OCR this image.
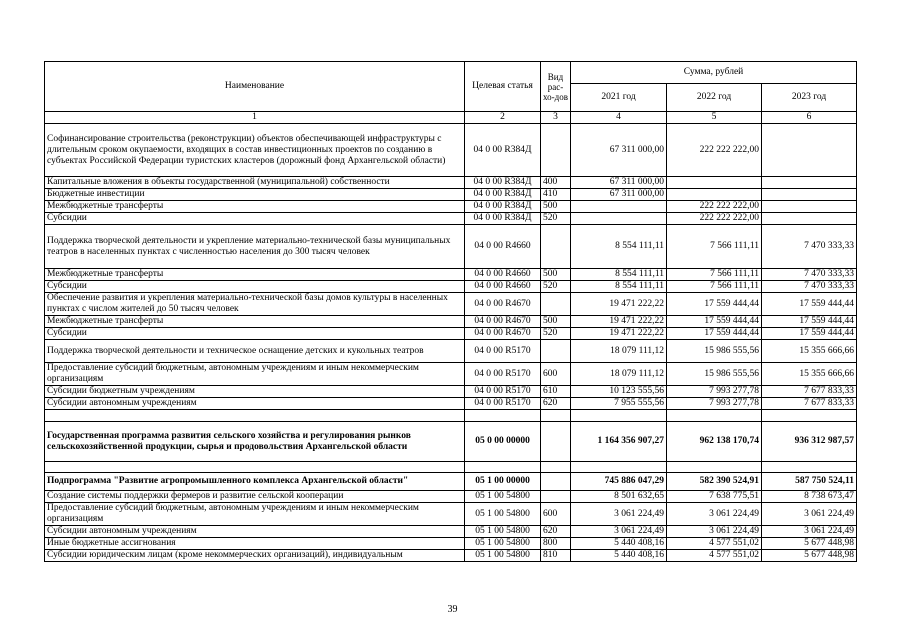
Наименование	Целевая статья	Вид рас-хо-дов	Сумма, рублей		
			2021 год	2022 год	2023 год
1	2	3	4	5	6
Софинансирование строительства (реконструкции) объектов обеспечивающей инфраструктуры с длительным сроком окупаемости, входящих в состав инвестиционных проектов по созданию в субъектах Российской Федерации туристских кластеров (дорожный фонд Архангельской области)	04 0 00 R384Д		67 311 000,00	222 222 222,00	
Капитальные вложения в объекты государственной (муниципальной) собственности	04 0 00 R384Д	400	67 311 000,00		
Бюджетные инвестиции	04 0 00 R384Д	410	67 311 000,00		
Межбюджетные трансферты	04 0 00 R384Д	500		222 222 222,00	
Субсидии	04 0 00 R384Д	520		222 222 222,00	
Поддержка творческой деятельности и укрепление материально-технической базы муниципальных театров в населенных пунктах с численностью населения до 300 тысяч человек	04 0 00 R4660		8 554 111,11	7 566 111,11	7 470 333,33
Межбюджетные трансферты	04 0 00 R4660	500	8 554 111,11	7 566 111,11	7 470 333,33
Субсидии	04 0 00 R4660	520	8 554 111,11	7 566 111,11	7 470 333,33
Обеспечение развития и укрепления материально-технической базы домов культуры в населенных пунктах с числом жителей до 50 тысяч человек	04 0 00 R4670		19 471 222,22	17 559 444,44	17 559 444,44
Межбюджетные трансферты	04 0 00 R4670	500	19 471 222,22	17 559 444,44	17 559 444,44
Субсидии	04 0 00 R4670	520	19 471 222,22	17 559 444,44	17 559 444,44
Поддержка творческой деятельности и техническое оснащение детских и кукольных театров	04 0 00 R5170		18 079 111,12	15 986 555,56	15 355 666,66
Предоставление субсидий бюджетным, автономным учреждениям и иным некоммерческим организациям	04 0 00 R5170	600	18 079 111,12	15 986 555,56	15 355 666,66
Субсидии бюджетным учреждениям	04 0 00 R5170	610	10 123 555,56	7 993 277,78	7 677 833,33
Субсидии автономным учреждениям	04 0 00 R5170	620	7 955 555,56	7 993 277,78	7 677 833,33

Государственная программа развития сельского хозяйства и регулирования рынков сельскохозяйственной продукции, сырья и продовольствия Архангельской области	05 0 00 00000		1 164 356 907,27	962 138 170,74	936 312 987,57

Подпрограмма "Развитие агропромышленного комплекса Архангельской области"	05 1 00 00000		745 886 047,29	582 390 524,91	587 750 524,11
Создание системы поддержки фермеров и развитие сельской кооперации	05 1 00 54800		8 501 632,65	7 638 775,51	8 738 673,47
Предоставление субсидий бюджетным, автономным учреждениям и иным некоммерческим организациям	05 1 00 54800	600	3 061 224,49	3 061 224,49	3 061 224,49
Субсидии автономным учреждениям	05 1 00 54800	620	3 061 224,49	3 061 224,49	3 061 224,49
Иные бюджетные ассигнования	05 1 00 54800	800	5 440 408,16	4 577 551,02	5 677 448,98
Субсидии юридическим лицам (кроме некоммерческих организаций), индивидуальным	05 1 00 54800	810	5 440 408,16	4 577 551,02	5 677 448,98
39
